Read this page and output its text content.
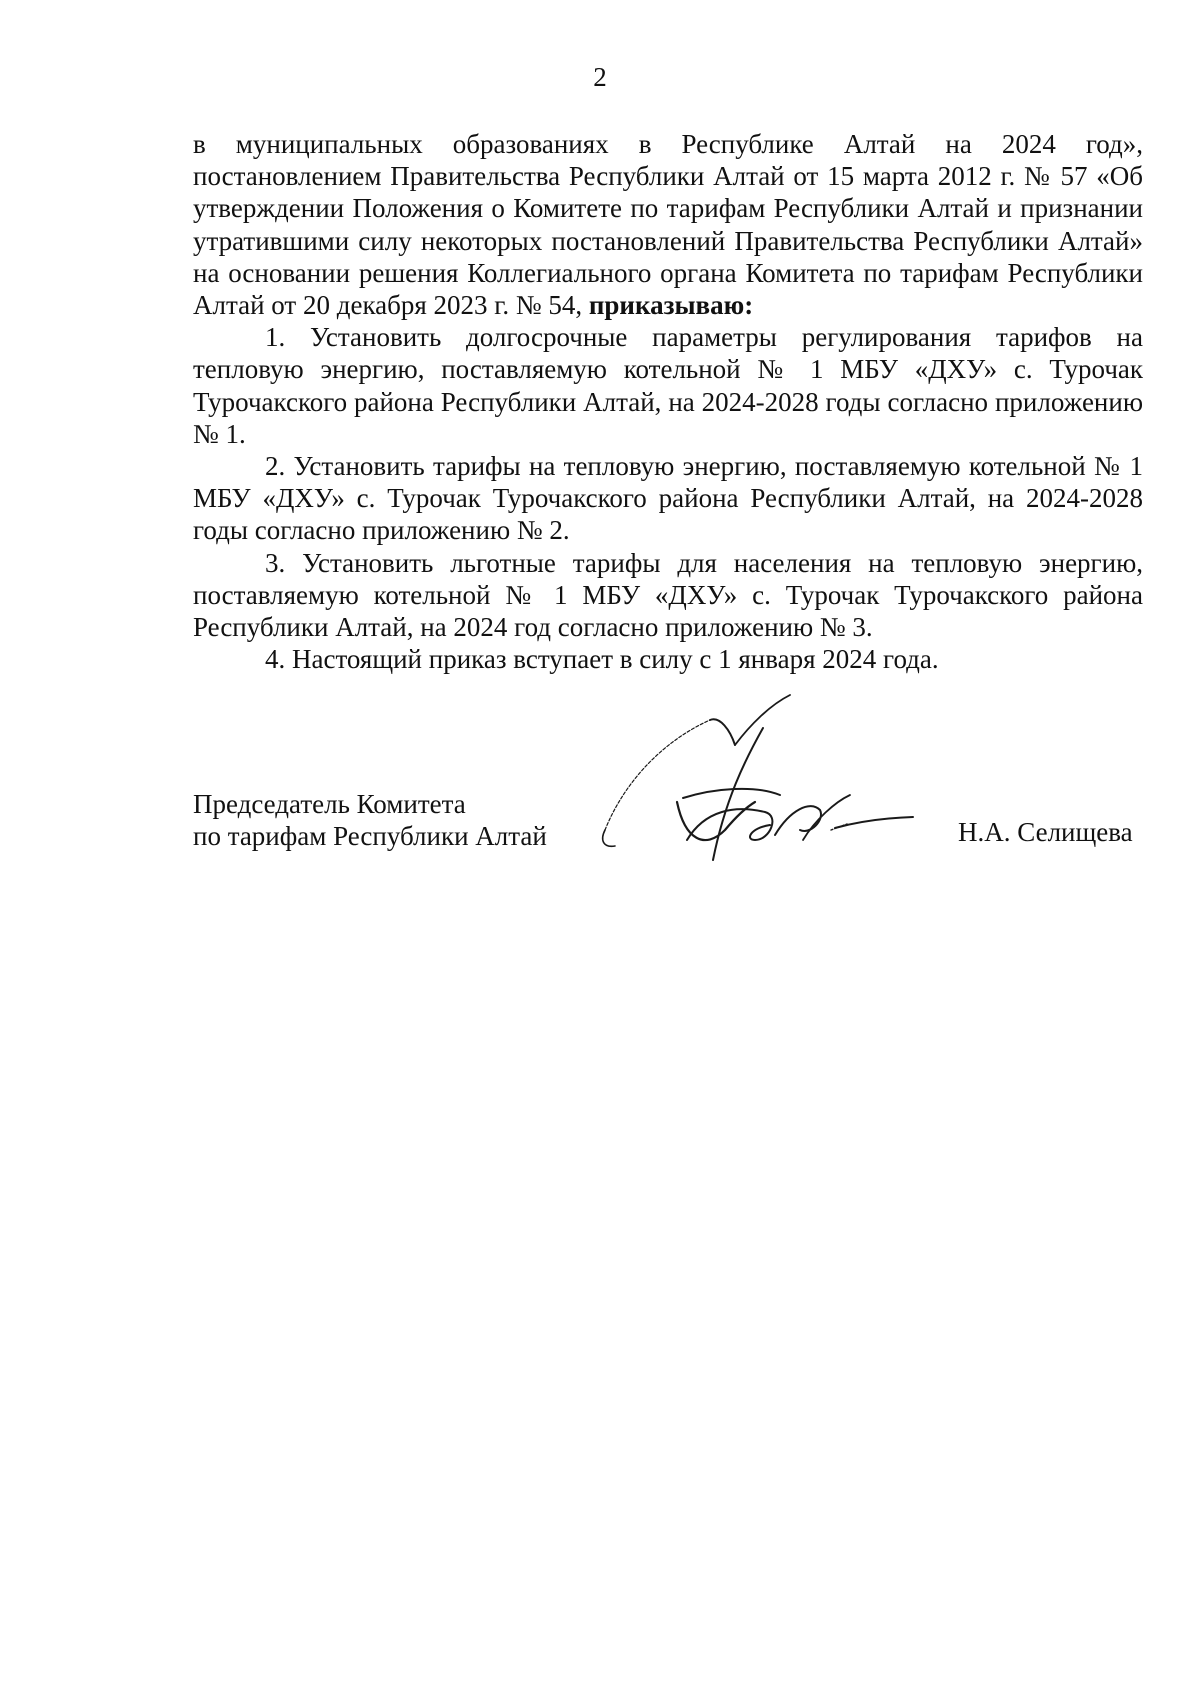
2

в муниципальных образованиях в Республике Алтай на 2024 год», постановлением Правительства Республики Алтай от 15 марта 2012 г. № 57 «Об утверждении Положения о Комитете по тарифам Республики Алтай и признании утратившими силу некоторых постановлений Правительства Республики Алтай» на основании решения Коллегиального органа Комитета по тарифам Республики Алтай от 20 декабря 2023 г. № 54, приказываю:

1. Установить долгосрочные параметры регулирования тарифов на тепловую энергию, поставляемую котельной № 1 МБУ «ДХУ» с. Турочак Турочакского района Республики Алтай, на 2024-2028 годы согласно приложению № 1.

2. Установить тарифы на тепловую энергию, поставляемую котельной № 1 МБУ «ДХУ» с. Турочак Турочакского района Республики Алтай, на 2024-2028 годы согласно приложению № 2.

3. Установить льготные тарифы для населения на тепловую энергию, поставляемую котельной № 1 МБУ «ДХУ» с. Турочак Турочакского района Республики Алтай, на 2024 год согласно приложению № 3.

4. Настоящий приказ вступает в силу с 1 января 2024 года.

Председатель Комитета
по тарифам Республики Алтай	Н.А. Селищева
